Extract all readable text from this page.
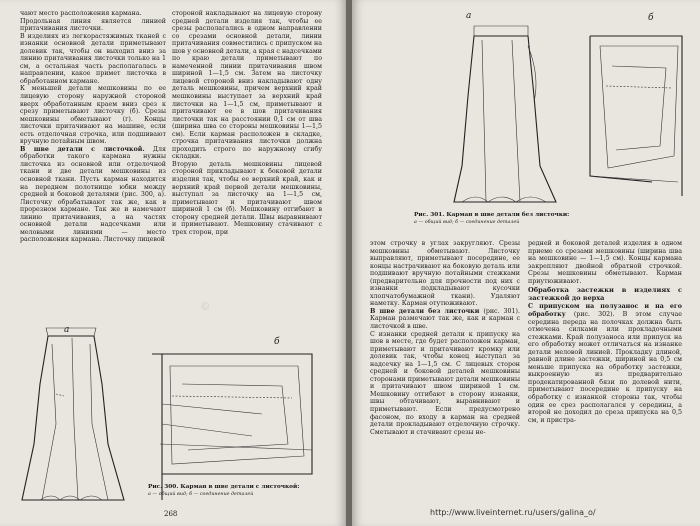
чают место расположения кармана.
Продольная линия является линией притачивания листочки.
В изделиях из легкорастяжимых тканей с изнанки основной детали приметывают долевик так, чтобы он выходил вниз за линию притачивания листочки только на 1 см, а остальная часть располагалась в направлении, какое примет листочка в обработанном кармане.
К меньшей детали мешковины по ее лицевую сторону наружной стороной вверх обработанным краем вниз срез к срезу приметывают листочку (б). Срезы мешковины обметывают (г). Концы листочки притачивают на машине, если есть отделочная строчка, или подшивают вручную потайным швом.

В шве детали с листочкой. Для обработки такого кармана нужны листочка из основной или отделочной ткани и две детали мешковины из основной ткани. Пусть карман находится на переднем полотнище юбки между средней и боковой деталями (рис. 300, а). Листочку обрабатывают так же, как в прорезном кармане. Так же и намечают линию притачивания, а на частях основной детали надсечками или меловыми линиями — место расположения кармана. Листочку лицевой

стороной накладывают на лицевую сторону средней детали изделия так, чтобы ее срезы располагались в одном направлении со срезами основной детали, линии притачивания совместились с припуском на шов у основной детали, а края с надсечками по краю детали приметывают по намеченной линии притачивания швом шириной 1—1,5 см. Затем на листочку лицевой стороной вниз накладывают одну деталь мешковины, причем верхний край мешковины выступает за верхний край листочки на 1—1,5 см, приметывают и притачивают ее в шов притачивания листочки так на расстоянии 0,1 см от шва (ширина шва со стороны мешковины 1—1,5 см). Если карман расположен в складке, строчка притачивания листочки должна проходить строго по наружному сгибу складки.
Вторую деталь мешковины лицевой стороной прикладывают к боковой детали изделия так, чтобы ее верхний край, как и верхний край первой детали мешковины, выступал за листочку на 1—1,5 см, приметывают и притачивают швом шириной 1 см (б). Мешковину отгибают в сторону средней детали. Швы выравнивают и приметывают. Мешковину стачивают с трех сторон, при

а
б
Рис. 300. Карман в шве детали с листочкой:
а — общий вид; б — соединение деталей
268
а	б
Рис. 301. Карман в шве детали без листочки:
а — общий вид; б — соединение деталей

этом строчку в углах закругляют. Срезы мешковины обметывают. Листочку выправляют, приметывают посередине, ее концы настрачивают на боковую деталь или подшивают вручную потайными стежками (предварительно для прочности под них с изнанки подкладывают кусочки хлопчатобумажной ткани). Удаляют наметку. Карман отутюживают.

В шве детали без листочки (рис. 301). Карман размечают так же, как и карман с листочкой в шве.
С изнанки средней детали к припуску на шов в месте, где будет расположен карман, приметывают и притачивают кромку или долевик так, чтобы конец выступал за надсечку на 1—1,5 см. С лицевых сторон средней и боковой деталей мешковины сторонами приметывают детали мешковины и притачивают швом шириной 1 см. Мешковину отгибают в сторону изнанки, швы обтачивают, выравнивают и приметывают. Если предусмотрено фасоном, по входу в карман на средней детали прокладывают отделочную строчку. Сметывают и стачивают срезы не-

редней и боковой деталей изделия в одном приеме со срезами мешковины (ширина шва на мешковине — 1—1,5 см). Концы кармана закрепляют двойной обратной строчкой. Срезы мешковины обметывают. Карман приутюживают.

Обработка застежки в изделиях с застежкой до верха

С припуском на полузанос и на его обработку (рис. 302). В этом случае середина переда на полочках должна быть отмечена силками или прокладочными стежками. Край полузаноса или припуск на его обработку может отличаться на изнанке детали меловой линией. Прокладку длиной, равной длине застежки, шириной на 0,5 см меньше припуска на обработку застежки, выкроенную из предварительно продекатированной бязи по долевой нити, приметывают посередине к припуску на обработку с изнанкой стороны так, чтобы один ее срез располагался у середины, а второй не доходил до среза припуска на 0,5 см, и пристра-

©
http://www.liveinternet.ru/users/galina_o/
